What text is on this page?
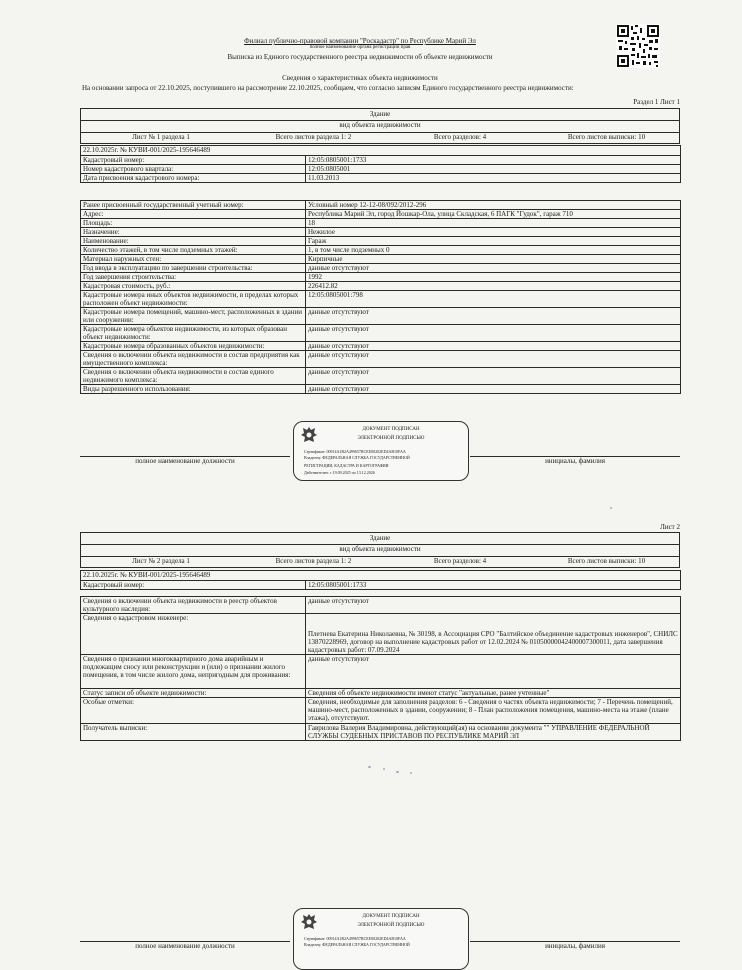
Филиал публично-правовой компании "Роскадастр" по Республике Марий Эл
полное наименование органа регистрации прав
Выписка из Единого государственного реестра недвижимости об объекте недвижимости
Сведения о характеристиках объекта недвижимости
На основании запроса от 22.10.2025, поступившего на рассмотрение 22.10.2025, сообщаем, что согласно записям Единого государственного реестра недвижимости:
Раздел 1 Лист 1
Здание
вид объекта недвижимости
Лист № 1 раздела 1	Всего листов раздела 1: 2	Всего разделов: 4	Всего листов выписки: 10
22.10.2025г. № КУВИ-001/2025-195646489	
Кадастровый номер:	12:05:0805001:1733
Номер кадастрового квартала:	12:05:0805001
Дата присвоения кадастрового номера:	11.03.2013
Ранее присвоенный государственный учетный номер:	Условный номер 12-12-08/092/2012-296
Адрес:	Республика Марий Эл, город Йошкар-Ола, улица Складская, 6 ПАГК "Гудок", гараж 710
Площадь:	18
Назначение:	Нежилое
Наименование:	Гараж
Количество этажей, в том числе подземных этажей:	1, в том числе подземных 0
Материал наружных стен:	Кирпичные
Год ввода в эксплуатацию по завершении строительства:	данные отсутствуют
Год завершения строительства:	1992
Кадастровая стоимость, руб.:	226412.82
Кадастровые номера иных объектов недвижимости, в пределах которых расположен объект недвижимости:	12:05:0805001:798
Кадастровые номера помещений, машино-мест, расположенных в здании или сооружении:	данные отсутствуют
Кадастровые номера объектов недвижимости, из которых образован объект недвижимости:	данные отсутствуют
Кадастровые номера образованных объектов недвижимости:	данные отсутствуют
Сведения о включении объекта недвижимости в состав предприятия как имущественного комплекса:	данные отсутствуют
Сведения о включении объекта недвижимости в состав единого недвижимого комплекса:	данные отсутствуют
Виды разрешенного использования:	данные отсутствуют
полное наименование должности	инициалы, фамилия
ДОКУМЕНТ ПОДПИСАН
ЭЛЕКТРОННОЙ ПОДПИСЬЮ
Сертификат: 00914A1B2A499657BCEE00202ED4AB10FAA
Владелец: ФЕДЕРАЛЬНАЯ СЛУЖБА ГОСУДАРСТВЕННОЙ
РЕГИСТРАЦИИ, КАДАСТРА И КАРТОГРАФИИ
Действителен: с 19.09.2025 по 13.12.2026
Лист 2
Здание
вид объекта недвижимости
Лист № 2 раздела 1	Всего листов раздела 1: 2	Всего разделов: 4	Всего листов выписки: 10
22.10.2025г. № КУВИ-001/2025-195646489
Кадастровый номер:	12:05:0805001:1733
Сведения о включении объекта недвижимости в реестр объектов культурного наследия:	данные отсутствуют
Сведения о кадастровом инженере:	Плетнева Екатерина Николаевна, № 30198, в Ассоциация СРО "Балтийское объединение кадастровых инженеров", СНИЛС 13870228969, договор на выполнение кадастровых работ от 12.02.2024 № 01050000042400007300011, дата завершения кадастровых работ: 07.09.2024
Сведения о признании многоквартирного дома аварийным и подлежащим сносу или реконструкции и (или) о признании жилого помещения, в том числе жилого дома, непригодным для проживания:	данные отсутствуют
Статус записи об объекте недвижимости:	Сведения об объекте недвижимости имеют статус "актуальные, ранее учтенные"
Особые отметки:	Сведения, необходимые для заполнения разделов: 6 - Сведения о частях объекта недвижимости; 7 - Перечень помещений, машино-мест, расположенных в здании, сооружении; 8 - План расположения помещения, машино-места на этаже (плане этажа), отсутствуют.
Получатель выписки:	Гаврилова Валерия Владимировна, действующий(ая) на основании документа "" УПРАВЛЕНИЕ ФЕДЕРАЛЬНОЙ СЛУЖБЫ СУДЕБНЫХ ПРИСТАВОВ ПО РЕСПУБЛИКЕ МАРИЙ ЭЛ
полное наименование должности	инициалы, фамилия
ДОКУМЕНТ ПОДПИСАН
ЭЛЕКТРОННОЙ ПОДПИСЬЮ
Сертификат: 00914A1B2A499657BCEE00202ED4AB10FAA
Владелец: ФЕДЕРАЛЬНАЯ СЛУЖБА ГОСУДАРСТВЕННОЙ
